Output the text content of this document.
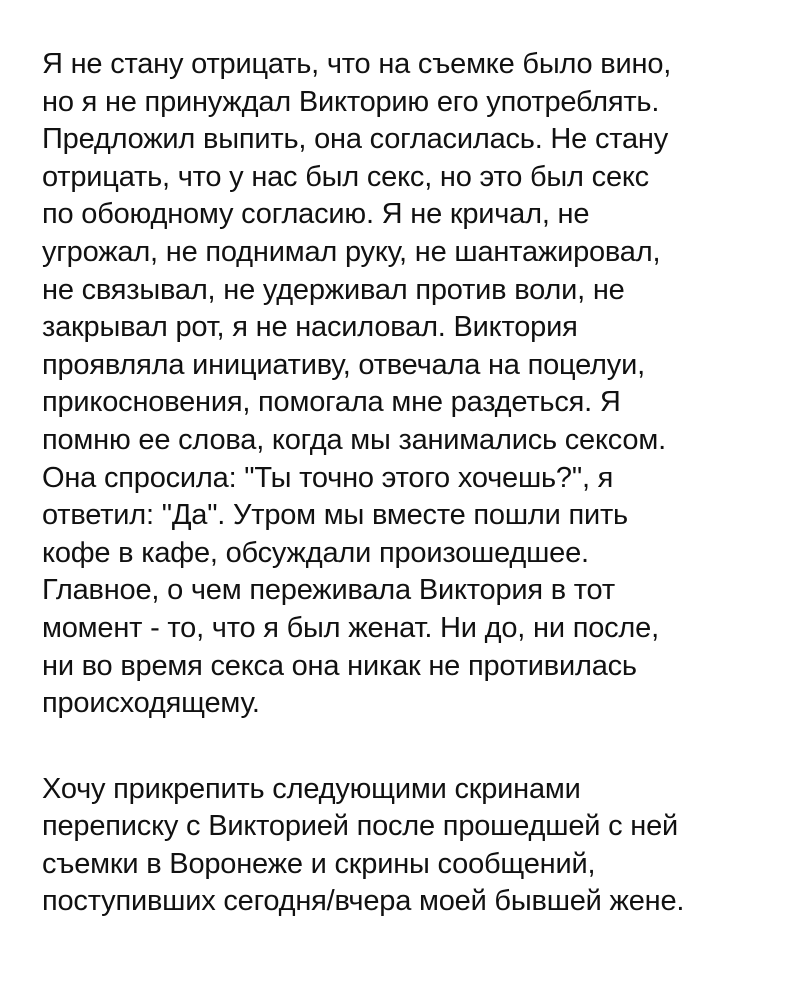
Я не стану отрицать, что на съемке было вино,
но я не принуждал Викторию его употреблять.
Предложил выпить, она согласилась. Не стану
отрицать, что у нас был секс, но это был секс
по обоюдному согласию. Я не кричал, не
угрожал, не поднимал руку, не шантажировал,
не связывал, не удерживал против воли, не
закрывал рот, я не насиловал. Виктория
проявляла инициативу, отвечала на поцелуи,
прикосновения, помогала мне раздеться. Я
помню ее слова, когда мы занимались сексом.
Она спросила: "Ты точно этого хочешь?", я
ответил: "Да". Утром мы вместе пошли пить
кофе в кафе, обсуждали произошедшее.
Главное, о чем переживала Виктория в тот
момент - то, что я был женат. Ни до, ни после,
ни во время секса она никак не противилась
происходящему.

Хочу прикрепить следующими скринами
переписку с Викторией после прошедшей с ней
съемки в Воронеже и скрины сообщений,
поступивших сегодня/вчера моей бывшей жене.
